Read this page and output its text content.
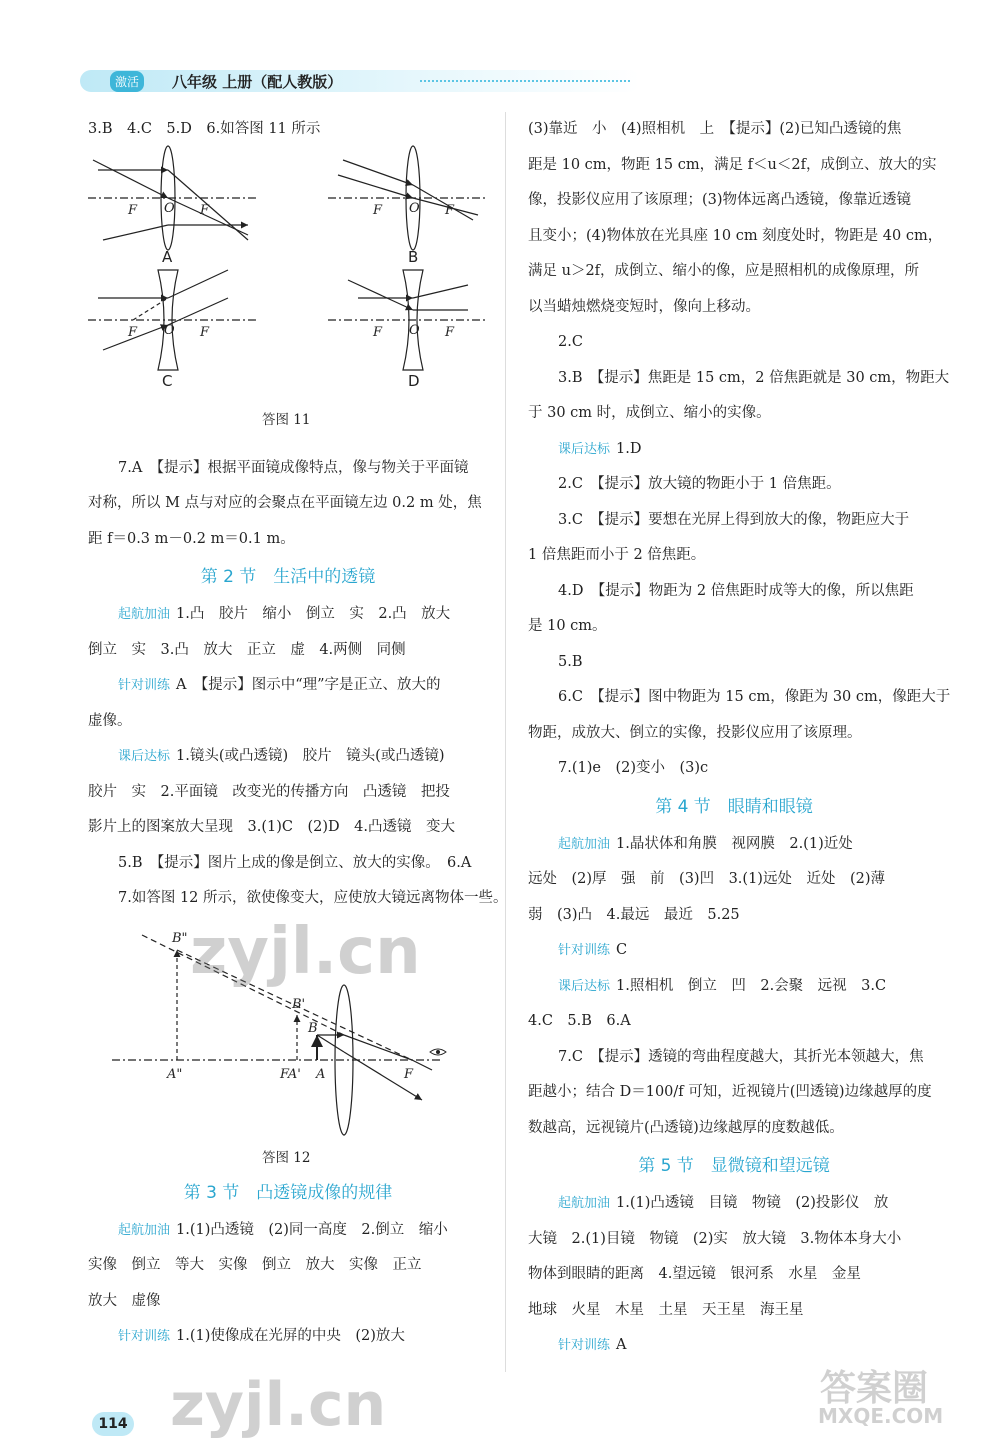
激活	八年级 上册（配人教版）
3.B　4.C　5.D　6.如答图 11 所示
7.A　【提示】根据平面镜成像特点，像与物关于平面镜
对称，所以 M 点与对应的会聚点在平面镜左边 0.2 m 处，焦
距 f＝0.3 m－0.2 m＝0.1 m。
第 2 节　生活中的透镜
起航加油 1.凸　胶片　缩小　倒立　实　2.凸　放大
倒立　实　3.凸　放大　正立　虚　4.两侧　同侧
针对训练 A　【提示】图示中“理”字是正立、放大的
虚像。
课后达标 1.镜头(或凸透镜)　胶片　镜头(或凸透镜)
胶片　实　2.平面镜　改变光的传播方向　凸透镜　把投
影片上的图案放大呈现　3.(1)C　(2)D　4.凸透镜　变大
5.B　【提示】图片上成的像是倒立、放大的实像。　6.A
7.如答图 12 所示，欲使像变大，应使放大镜远离物体一些。
第 3 节　凸透镜成像的规律
起航加油 1.(1)凸透镜　(2)同一高度　2.倒立　缩小
实像　倒立　等大　实像　倒立　放大　实像　正立
放大　虚像
针对训练 1.(1)使像成在光屏的中央　(2)放大
F O F	F O F
F O F	F O F
A	B
C	D
答图 11
B"
B'
B
A"	FA' A	F
答图 12
(3)靠近　小　(4)照相机　上　【提示】(2)已知凸透镜的焦
距是 10 cm，物距 15 cm，满足 f＜u＜2f，成倒立、放大的实
像，投影仪应用了该原理；(3)物体远离凸透镜，像靠近透镜
且变小；(4)物体放在光具座 10 cm 刻度处时，物距是 40 cm，
满足 u＞2f，成倒立、缩小的像，应是照相机的成像原理，所
以当蜡烛燃烧变短时，像向上移动。
2.C
3.B　【提示】焦距是 15 cm，2 倍焦距就是 30 cm，物距大
于 30 cm 时，成倒立、缩小的实像。
课后达标 1.D
2.C　【提示】放大镜的物距小于 1 倍焦距。
3.C　【提示】要想在光屏上得到放大的像，物距应大于
1 倍焦距而小于 2 倍焦距。
4.D　【提示】物距为 2 倍焦距时成等大的像，所以焦距
是 10 cm。
5.B
6.C　【提示】图中物距为 15 cm，像距为 30 cm，像距大于
物距，成放大、倒立的实像，投影仪应用了该原理。
7.(1)e　(2)变小　(3)c
第 4 节　眼睛和眼镜
起航加油 1.晶状体和角膜　视网膜　2.(1)近处
远处　(2)厚　强　前　(3)凹　3.(1)远处　近处　(2)薄
弱　(3)凸　4.最远　最近　5.25
针对训练 C
课后达标 1.照相机　倒立　凹　2.会聚　远视　3.C
4.C　5.B　6.A
7.C　【提示】透镜的弯曲程度越大，其折光本领越大，焦
距越小；结合 D＝100/f 可知，近视镜片(凹透镜)边缘越厚的度
数越高，远视镜片(凸透镜)边缘越厚的度数越低。
第 5 节　显微镜和望远镜
起航加油 1.(1)凸透镜　目镜　物镜　(2)投影仪　放
大镜　2.(1)目镜　物镜　(2)实　放大镜　3.物体本身大小
物体到眼睛的距离　4.望远镜　银河系　水星　金星
地球　火星　木星　土星　天王星　海王星
针对训练 A
zyjl.cn
zyjl.cn	答案圈
MXQE.COM
114
